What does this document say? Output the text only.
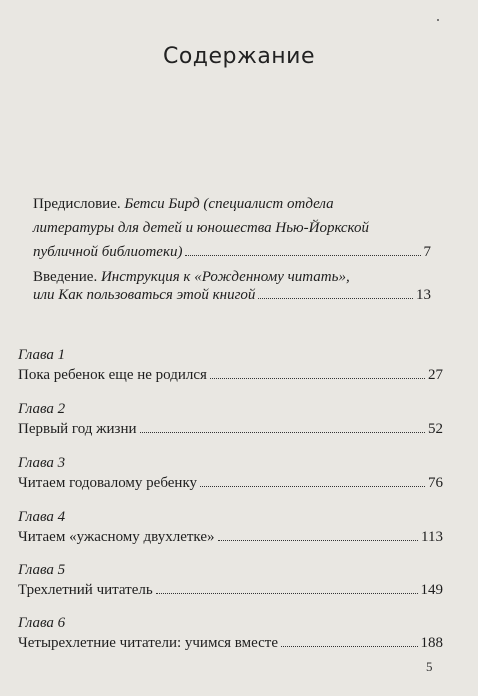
Содержание
Предисловие. Бетси Бирд (специалист отдела
литературы для детей и юношества Нью-Йоркской
публичной библиотеки)	7
Введение. Инструкция к «Рожденному читать»,
или Как пользоваться этой книгой	13
Глава 1
Пока ребенок еще не родился	27
Глава 2
Первый год жизни	52
Глава 3
Читаем годовалому ребенку	76
Глава 4
Читаем «ужасному двухлетке»	113
Глава 5
Трехлетний читатель	149
Глава 6
Четырехлетние читатели: учимся вместе	188
5
